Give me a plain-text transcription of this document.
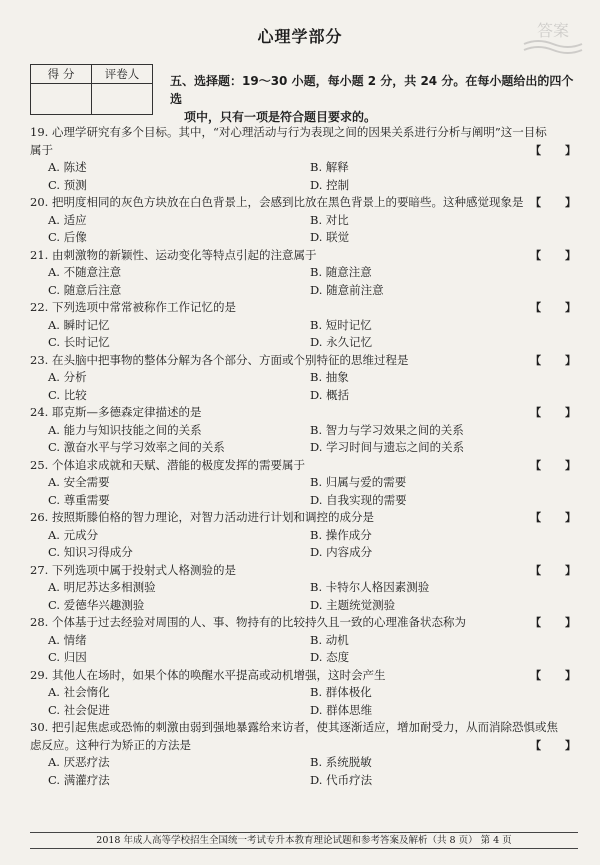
心理学部分	答案
得 分	评卷人
		五、选择题：19～30 小题，每小题 2 分，共 24 分。在每小题给出的四个选
项中，只有一项是符合题目要求的。
19. 心理学研究有多个目标。其中，“对心理活动与行为表现之间的因果关系进行分析与阐明”这一目标属于	【 】
A. 陈述	B. 解释
C. 预测	D. 控制
20. 把明度相同的灰色方块放在白色背景上，会感到比放在黑色背景上的要暗些。这种感觉现象是 【 】
A. 适应	B. 对比
C. 后像	D. 联觉
21. 由刺激物的新颖性、运动变化等特点引起的注意属于	【 】
A. 不随意注意	B. 随意注意
C. 随意后注意	D. 随意前注意
22. 下列选项中常常被称作工作记忆的是	【 】
A. 瞬时记忆	B. 短时记忆
C. 长时记忆	D. 永久记忆
23. 在头脑中把事物的整体分解为各个部分、方面或个别特征的思维过程是	【 】
A. 分析	B. 抽象
C. 比较	D. 概括
24. 耶克斯—多德森定律描述的是	【 】
A. 能力与知识技能之间的关系	B. 智力与学习效果之间的关系
C. 激奋水平与学习效率之间的关系	D. 学习时间与遗忘之间的关系
25. 个体追求成就和天赋、潜能的极度发挥的需要属于	【 】
A. 安全需要	B. 归属与爱的需要
C. 尊重需要	D. 自我实现的需要
26. 按照斯滕伯格的智力理论，对智力活动进行计划和调控的成分是	【 】
A. 元成分	B. 操作成分
C. 知识习得成分	D. 内容成分
27. 下列选项中属于投射式人格测验的是	【 】
A. 明尼苏达多相测验	B. 卡特尔人格因素测验
C. 爱德华兴趣测验	D. 主题统觉测验
28. 个体基于过去经验对周围的人、事、物持有的比较持久且一致的心理准备状态称为	【 】
A. 情绪	B. 动机
C. 归因	D. 态度
29. 其他人在场时，如果个体的唤醒水平提高或动机增强，这时会产生	【 】
A. 社会惰化	B. 群体极化
C. 社会促进	D. 群体思维
30. 把引起焦虑或恐怖的刺激由弱到强地暴露给来访者，使其逐渐适应，增加耐受力，从而消除恐惧或焦虑反应。这种行为矫正的方法是	【 】
A. 厌恶疗法	B. 系统脱敏
C. 满灌疗法	D. 代币疗法
2018 年成人高等学校招生全国统一考试专升本教育理论试题和参考答案及解析（共 8 页） 第 4 页
